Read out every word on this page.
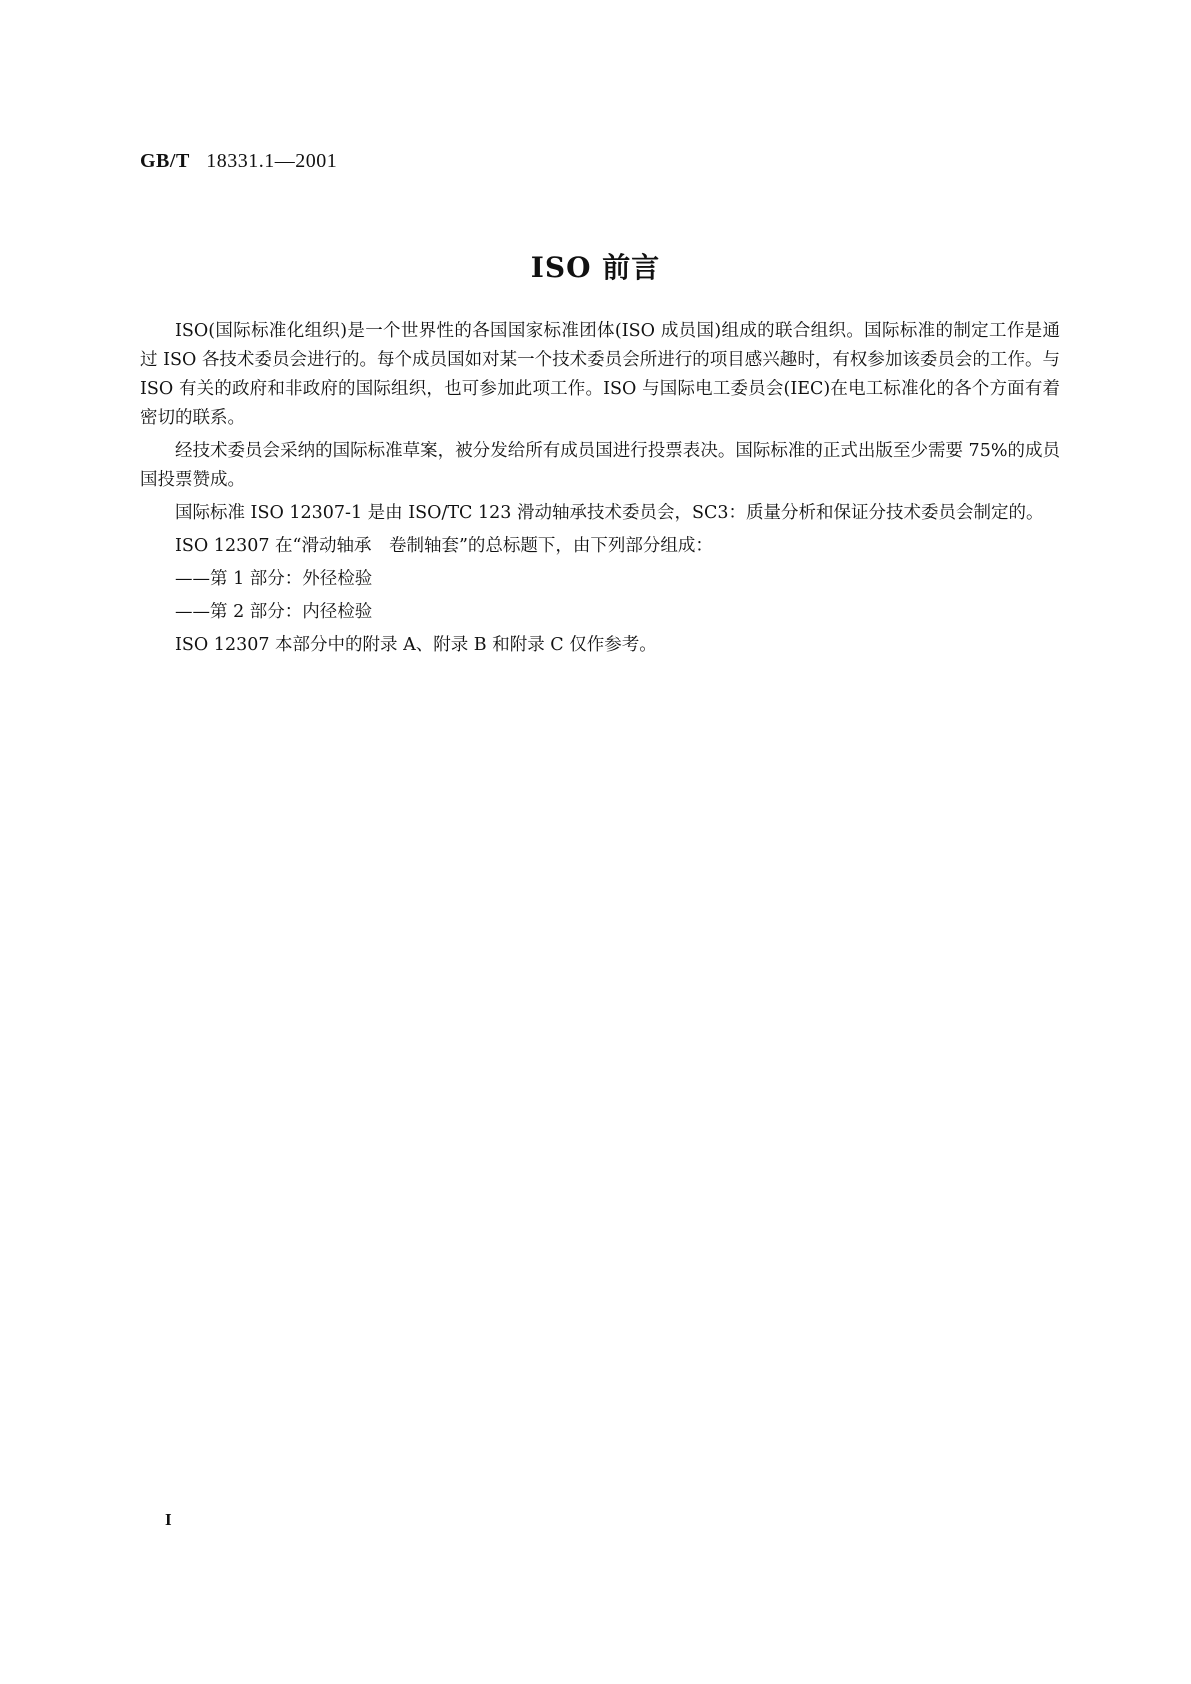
GB/T 18331.1—2001
ISO 前言

ISO(国际标准化组织)是一个世界性的各国国家标准团体(ISO 成员国)组成的联合组织。国际标准的制定工作是通过 ISO 各技术委员会进行的。每个成员国如对某一个技术委员会所进行的项目感兴趣时，有权参加该委员会的工作。与 ISO 有关的政府和非政府的国际组织，也可参加此项工作。ISO 与国际电工委员会(IEC)在电工标准化的各个方面有着密切的联系。

经技术委员会采纳的国际标准草案，被分发给所有成员国进行投票表决。国际标准的正式出版至少需要 75%的成员国投票赞成。

国际标准 ISO 12307-1 是由 ISO/TC 123 滑动轴承技术委员会，SC3：质量分析和保证分技术委员会制定的。

ISO 12307 在“滑动轴承　卷制轴套”的总标题下，由下列部分组成：

——第 1 部分：外径检验

——第 2 部分：内径检验

ISO 12307 本部分中的附录 A、附录 B 和附录 C 仅作参考。

I
